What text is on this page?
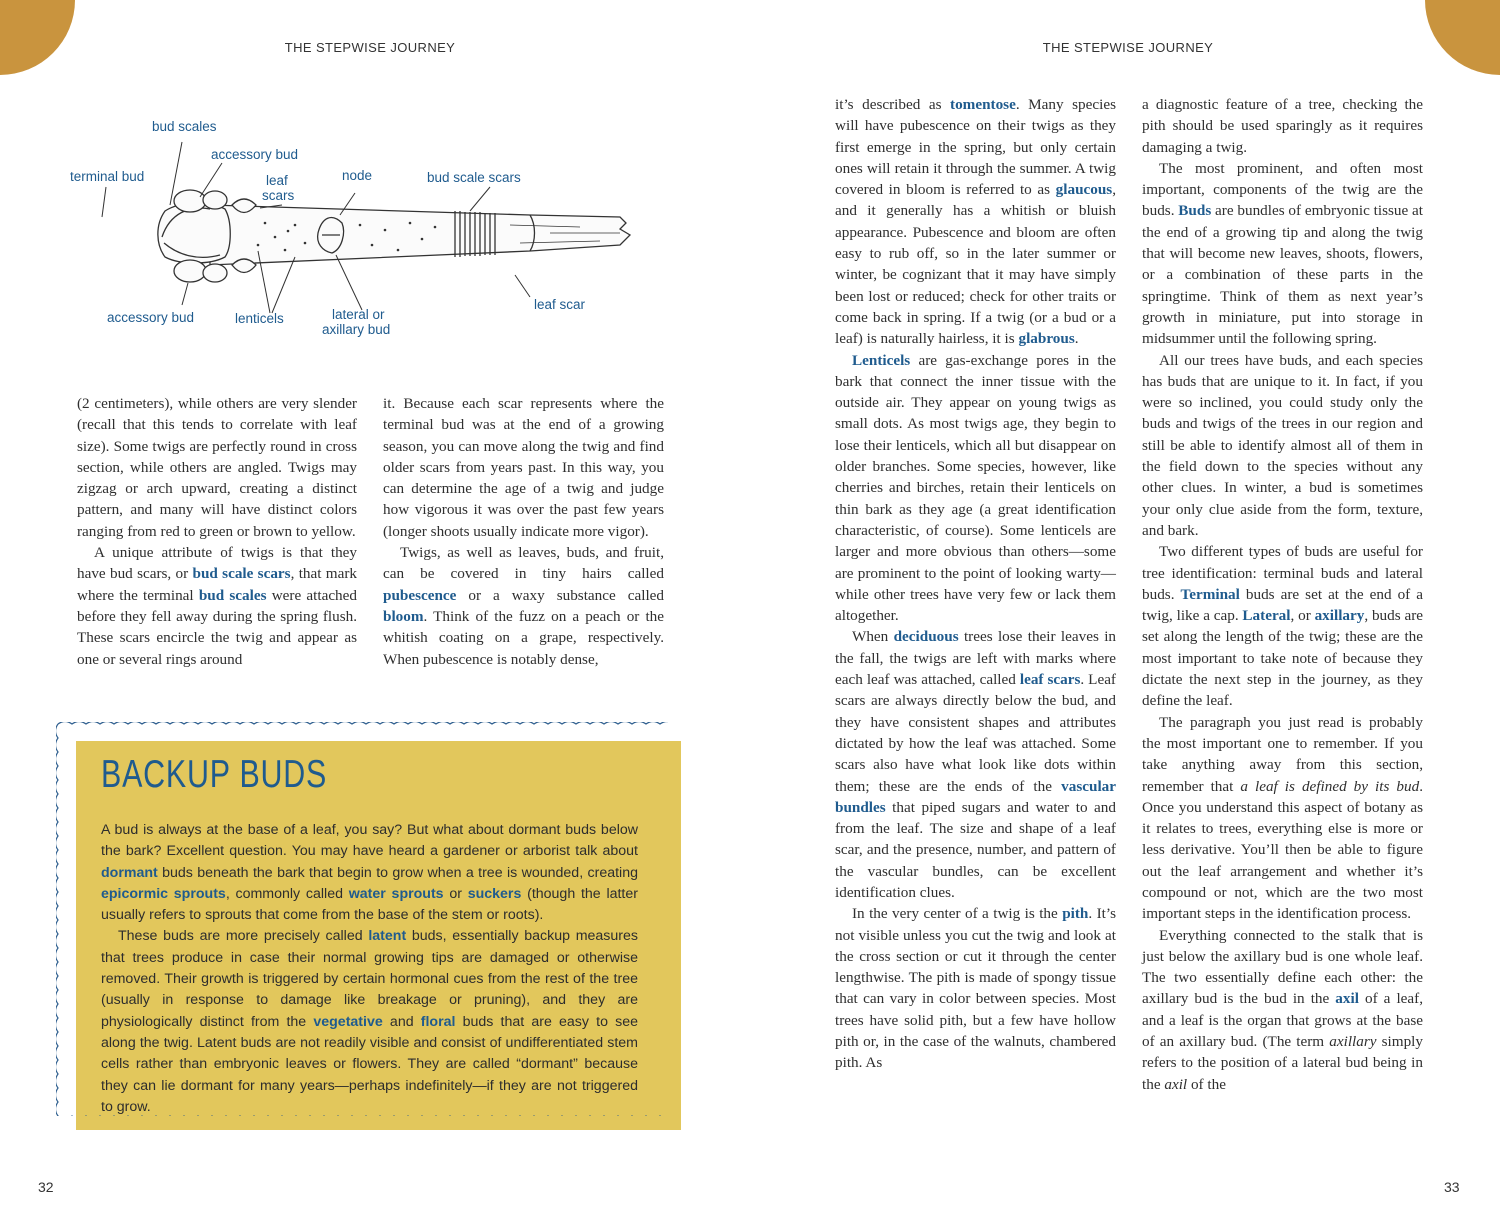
THE STEPWISE JOURNEY	THE STEPWISE JOURNEY
bud scales
accessory bud
terminal bud	leaf
scars
node	bud scale scars
leaf scar
accessory bud	lenticels	lateral or
axillary bud

(2 centimeters), while others are very slender (recall that this tends to correlate with leaf size). Some twigs are perfectly round in cross section, while others are angled. Twigs may zigzag or arch upward, creating a distinct pattern, and many will have distinct colors ranging from red to green or brown to yellow.

A unique attribute of twigs is that they have bud scars, or bud scale scars, that mark where the terminal bud scales were attached before they fell away during the spring flush. These scars encircle the twig and appear as one or several rings around

it. Because each scar represents where the terminal bud was at the end of a growing season, you can move along the twig and find older scars from years past. In this way, you can determine the age of a twig and judge how vigorous it was over the past few years (longer shoots usually indicate more vigor).

Twigs, as well as leaves, buds, and fruit, can be covered in tiny hairs called pubescence or a waxy substance called bloom. Think of the fuzz on a peach or the whitish coating on a grape, respectively. When pubescence is notably dense,

BACKUP BUDS

A bud is always at the base of a leaf, you say? But what about dormant buds below the bark? Excellent question. You may have heard a gardener or arborist talk about dormant buds beneath the bark that begin to grow when a tree is wounded, creating epicormic sprouts, commonly called water sprouts or suckers (though the latter usually refers to sprouts that come from the base of the stem or roots).

These buds are more precisely called latent buds, essentially backup measures that trees produce in case their normal growing tips are damaged or otherwise removed. Their growth is triggered by certain hormonal cues from the rest of the tree (usually in response to damage like breakage or pruning), and they are physiologically distinct from the vegetative and floral buds that are easy to see along the twig. Latent buds are not readily visible and consist of undifferentiated stem cells rather than embryonic leaves or flowers. They are called “dormant” because they can lie dormant for many years—perhaps indefinitely—if they are not triggered to grow.

it’s described as tomentose. Many species will have pubescence on their twigs as they first emerge in the spring, but only certain ones will retain it through the summer. A twig covered in bloom is referred to as glaucous, and it generally has a whitish or bluish appearance. Pubescence and bloom are often easy to rub off, so in the later summer or winter, be cognizant that it may have simply been lost or reduced; check for other traits or come back in spring. If a twig (or a bud or a leaf) is naturally hairless, it is glabrous.

Lenticels are gas-exchange pores in the bark that connect the inner tissue with the outside air. They appear on young twigs as small dots. As most twigs age, they begin to lose their lenticels, which all but disappear on older branches. Some species, however, like cherries and birches, retain their lenticels on thin bark as they age (a great identification characteristic, of course). Some lenticels are larger and more obvious than others—some are prominent to the point of looking warty—while other trees have very few or lack them altogether.

When deciduous trees lose their leaves in the fall, the twigs are left with marks where each leaf was attached, called leaf scars. Leaf scars are always directly below the bud, and they have consistent shapes and attributes dictated by how the leaf was attached. Some scars also have what look like dots within them; these are the ends of the vascular bundles that piped sugars and water to and from the leaf. The size and shape of a leaf scar, and the presence, number, and pattern of the vascular bundles, can be excellent identification clues.

In the very center of a twig is the pith. It’s not visible unless you cut the twig and look at the cross section or cut it through the center lengthwise. The pith is made of spongy tissue that can vary in color between species. Most trees have solid pith, but a few have hollow pith or, in the case of the walnuts, chambered pith. As

a diagnostic feature of a tree, checking the pith should be used sparingly as it requires damaging a twig.

The most prominent, and often most important, components of the twig are the buds. Buds are bundles of embryonic tissue at the end of a growing tip and along the twig that will become new leaves, shoots, flowers, or a combination of these parts in the springtime. Think of them as next year’s growth in miniature, put into storage in midsummer until the following spring.

All our trees have buds, and each species has buds that are unique to it. In fact, if you were so inclined, you could study only the buds and twigs of the trees in our region and still be able to identify almost all of them in the field down to the species without any other clues. In winter, a bud is sometimes your only clue aside from the form, texture, and bark.

Two different types of buds are useful for tree identification: terminal buds and lateral buds. Terminal buds are set at the end of a twig, like a cap. Lateral, or axillary, buds are set along the length of the twig; these are the most important to take note of because they dictate the next step in the journey, as they define the leaf.

The paragraph you just read is probably the most important one to remember. If you take anything away from this section, remember that a leaf is defined by its bud. Once you understand this aspect of botany as it relates to trees, everything else is more or less derivative. You’ll then be able to figure out the leaf arrangement and whether it’s compound or not, which are the two most important steps in the identification process.

Everything connected to the stalk that is just below the axillary bud is one whole leaf. The two essentially define each other: the axillary bud is the bud in the axil of a leaf, and a leaf is the organ that grows at the base of an axillary bud. (The term axillary simply refers to the position of a lateral bud being in the axil of the

32	33
